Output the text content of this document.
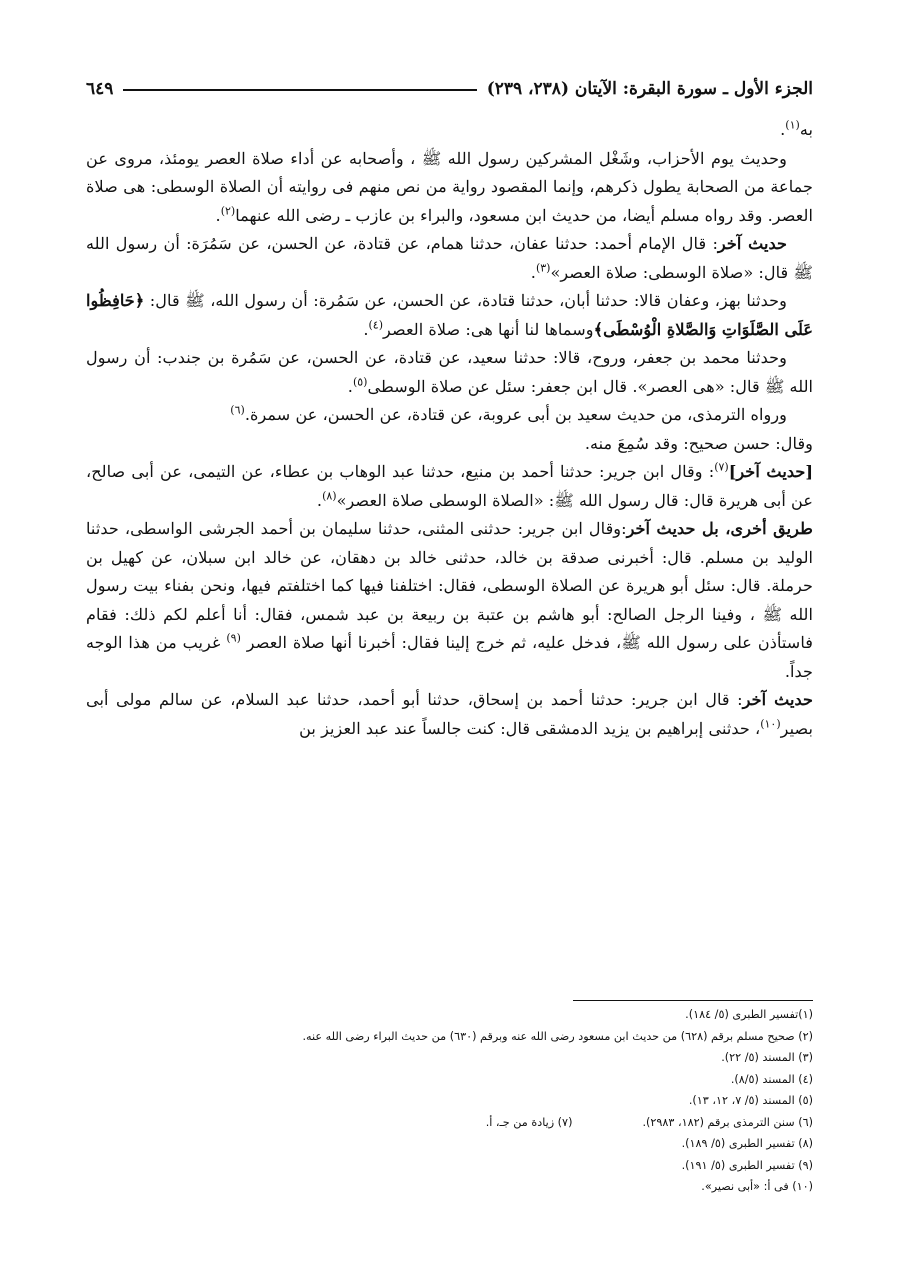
الجزء الأول ـ سورة البقرة: الآيتان (٢٣٨، ٢٣٩)
٦٤٩

به$^{(١)}$.

وحديث يوم الأحزاب، وشَغْل المشركين رسول الله ﷺ ، وأصحابه عن أداء صلاة العصر يومئذ، مروى عن جماعة من الصحابة يطول ذكرهم، وإنما المقصود رواية من نص منهم فى روايته أن الصلاة الوسطى: هى صلاة العصر. وقد رواه مسلم أيضا، من حديث ابن مسعود، والبراء بن عازب ـ رضى الله عنهما$^{(٢)}$.

حديث آخر: قال الإمام أحمد: حدثنا عفان، حدثنا همام، عن قتادة، عن الحسن، عن سَمُرَة: أن رسول الله ﷺ قال: «صلاة الوسطى: صلاة العصر»$^{(٣)}$.

وحدثنا بهز، وعفان قالا: حدثنا أبان، حدثنا قتادة، عن الحسن، عن سَمُرة: أن رسول الله، ﷺ قال: ﴿حَافِظُوا عَلَى الصَّلَوَاتِ وَالصَّلاةِ الْوُسْطَى﴾وسماها لنا أنها هى: صلاة العصر$^{(٤)}$.

وحدثنا محمد بن جعفر، وروح، قالا: حدثنا سعيد، عن قتادة، عن الحسن، عن سَمُرة بن جندب: أن رسول الله ﷺ قال: «هى العصر». قال ابن جعفر: سئل عن صلاة الوسطى$^{(٥)}$.

ورواه الترمذى، من حديث سعيد بن أبى عروبة، عن قتادة، عن الحسن، عن سمرة.$^{(٦)}$

وقال: حسن صحيح: وقد سُمِعَ منه.

[حديث آخر]$^{(٧)}$: وقال ابن جرير: حدثنا أحمد بن منيع، حدثنا عبد الوهاب بن عطاء، عن التيمى، عن أبى صالح، عن أبى هريرة قال: قال رسول الله ﷺ: «الصلاة الوسطى صلاة العصر»$^{(٨)}$.

طريق أخرى، بل حديث آخر:وقال ابن جرير: حدثنى المثنى، حدثنا سليمان بن أحمد الجرشى الواسطى، حدثنا الوليد بن مسلم. قال: أخبرنى صدقة بن خالد، حدثنى خالد بن دهقان، عن خالد ابن سبلان، عن كهيل بن حرملة. قال: سئل أبو هريرة عن الصلاة الوسطى، فقال: اختلفنا فيها كما اختلفتم فيها، ونحن بفناء بيت رسول الله ﷺ ، وفينا الرجل الصالح: أبو هاشم بن عتبة بن ربيعة بن عبد شمس، فقال: أنا أعلم لكم ذلك: فقام فاستأذن على رسول الله ﷺ، فدخل عليه، ثم خرج إلينا فقال: أخبرنا أنها صلاة العصر $^{(٩)}$ غريب من هذا الوجه جداً.

حديث آخر: قال ابن جرير: حدثنا أحمد بن إسحاق، حدثنا أبو أحمد، حدثنا عبد السلام، عن سالم مولى أبى بصير$^{(١٠)}$، حدثنى إبراهيم بن يزيد الدمشقى قال: كنت جالساً عند عبد العزيز بن

(١)تفسير الطبرى (٥/ ١٨٤).

(٢) صحيح مسلم برقم (٦٢٨) من حديث ابن مسعود رضى الله عنه وبرقم (٦٣٠) من حديث البراء رضى الله عنه.

(٣) المسند (٥/ ٢٢).

(٤) المسند (٨/٥).

(٥) المسند (٥/ ٧، ١٢، ١٣).

(٦) سنن الترمذى برقم (١٨٢، ٢٩٨٣).

(٧) زيادة من جـ، أ.

(٨) تفسير الطبرى (٥/ ١٨٩).

(٩) تفسير الطبرى (٥/ ١٩١).

(١٠) فى أ: «أبى نصير».
